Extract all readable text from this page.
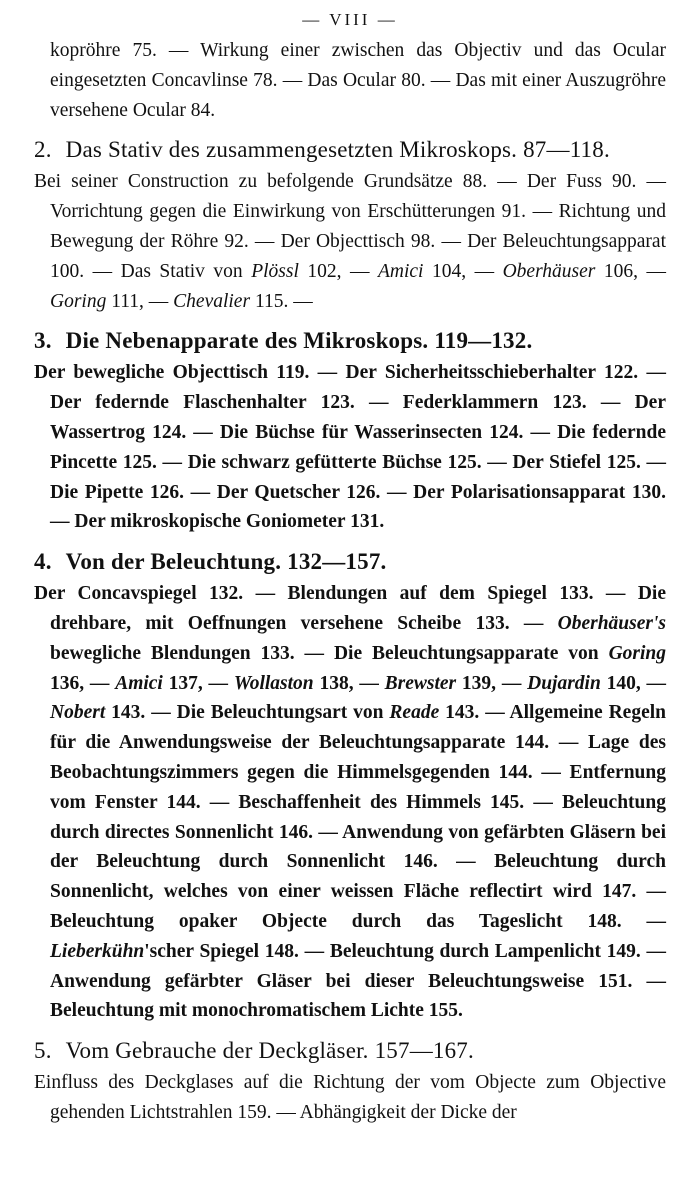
— VIII —

kopröhre 75. — Wirkung einer zwischen das Objectiv und das Ocular eingesetzten Concavlinse 78. — Das Ocular 80. — Das mit einer Auszugröhre versehene Ocular 84.

2. Das Stativ des zusammengesetzten Mikroskops. 87—118.

Bei seiner Construction zu befolgende Grundsätze 88. — Der Fuss 90. — Vorrichtung gegen die Einwirkung von Erschütterungen 91. — Richtung und Bewegung der Röhre 92. — Der Objecttisch 98. — Der Beleuchtungsapparat 100. — Das Stativ von Plössl 102, — Amici 104, — Oberhäuser 106, — Goring 111, — Chevalier 115. —

3. Die Nebenapparate des Mikroskops. 119—132.

Der bewegliche Objecttisch 119. — Der Sicherheitsschieberhalter 122. — Der federnde Flaschenhalter 123. — Federklammern 123. — Der Wassertrog 124. — Die Büchse für Wasserinsecten 124. — Die federnde Pincette 125. — Die schwarz gefütterte Büchse 125. — Der Stiefel 125. — Die Pipette 126. — Der Quetscher 126. — Der Polarisationsapparat 130. — Der mikroskopische Goniometer 131.

4. Von der Beleuchtung. 132—157.

Der Concavspiegel 132. — Blendungen auf dem Spiegel 133. — Die drehbare, mit Oeffnungen versehene Scheibe 133. — Oberhäuser's bewegliche Blendungen 133. — Die Beleuchtungsapparate von Goring 136, — Amici 137, — Wollaston 138, — Brewster 139, — Dujardin 140, — Nobert 143. — Die Beleuchtungsart von Reade 143. — Allgemeine Regeln für die Anwendungsweise der Beleuchtungsapparate 144. — Lage des Beobachtungszimmers gegen die Himmelsgegenden 144. — Entfernung vom Fenster 144. — Beschaffenheit des Himmels 145. — Beleuchtung durch directes Sonnenlicht 146. — Anwendung von gefärbten Gläsern bei der Beleuchtung durch Sonnenlicht 146. — Beleuchtung durch Sonnenlicht, welches von einer weissen Fläche reflectirt wird 147. — Beleuchtung opaker Objecte durch das Tageslicht 148. — Lieberkühn'scher Spiegel 148. — Beleuchtung durch Lampenlicht 149. — Anwendung gefärbter Gläser bei dieser Beleuchtungsweise 151. — Beleuchtung mit monochromatischem Lichte 155.

5. Vom Gebrauche der Deckgläser. 157—167.

Einfluss des Deckglases auf die Richtung der vom Objecte zum Objective gehenden Lichtstrahlen 159. — Abhängigkeit der Dicke der
